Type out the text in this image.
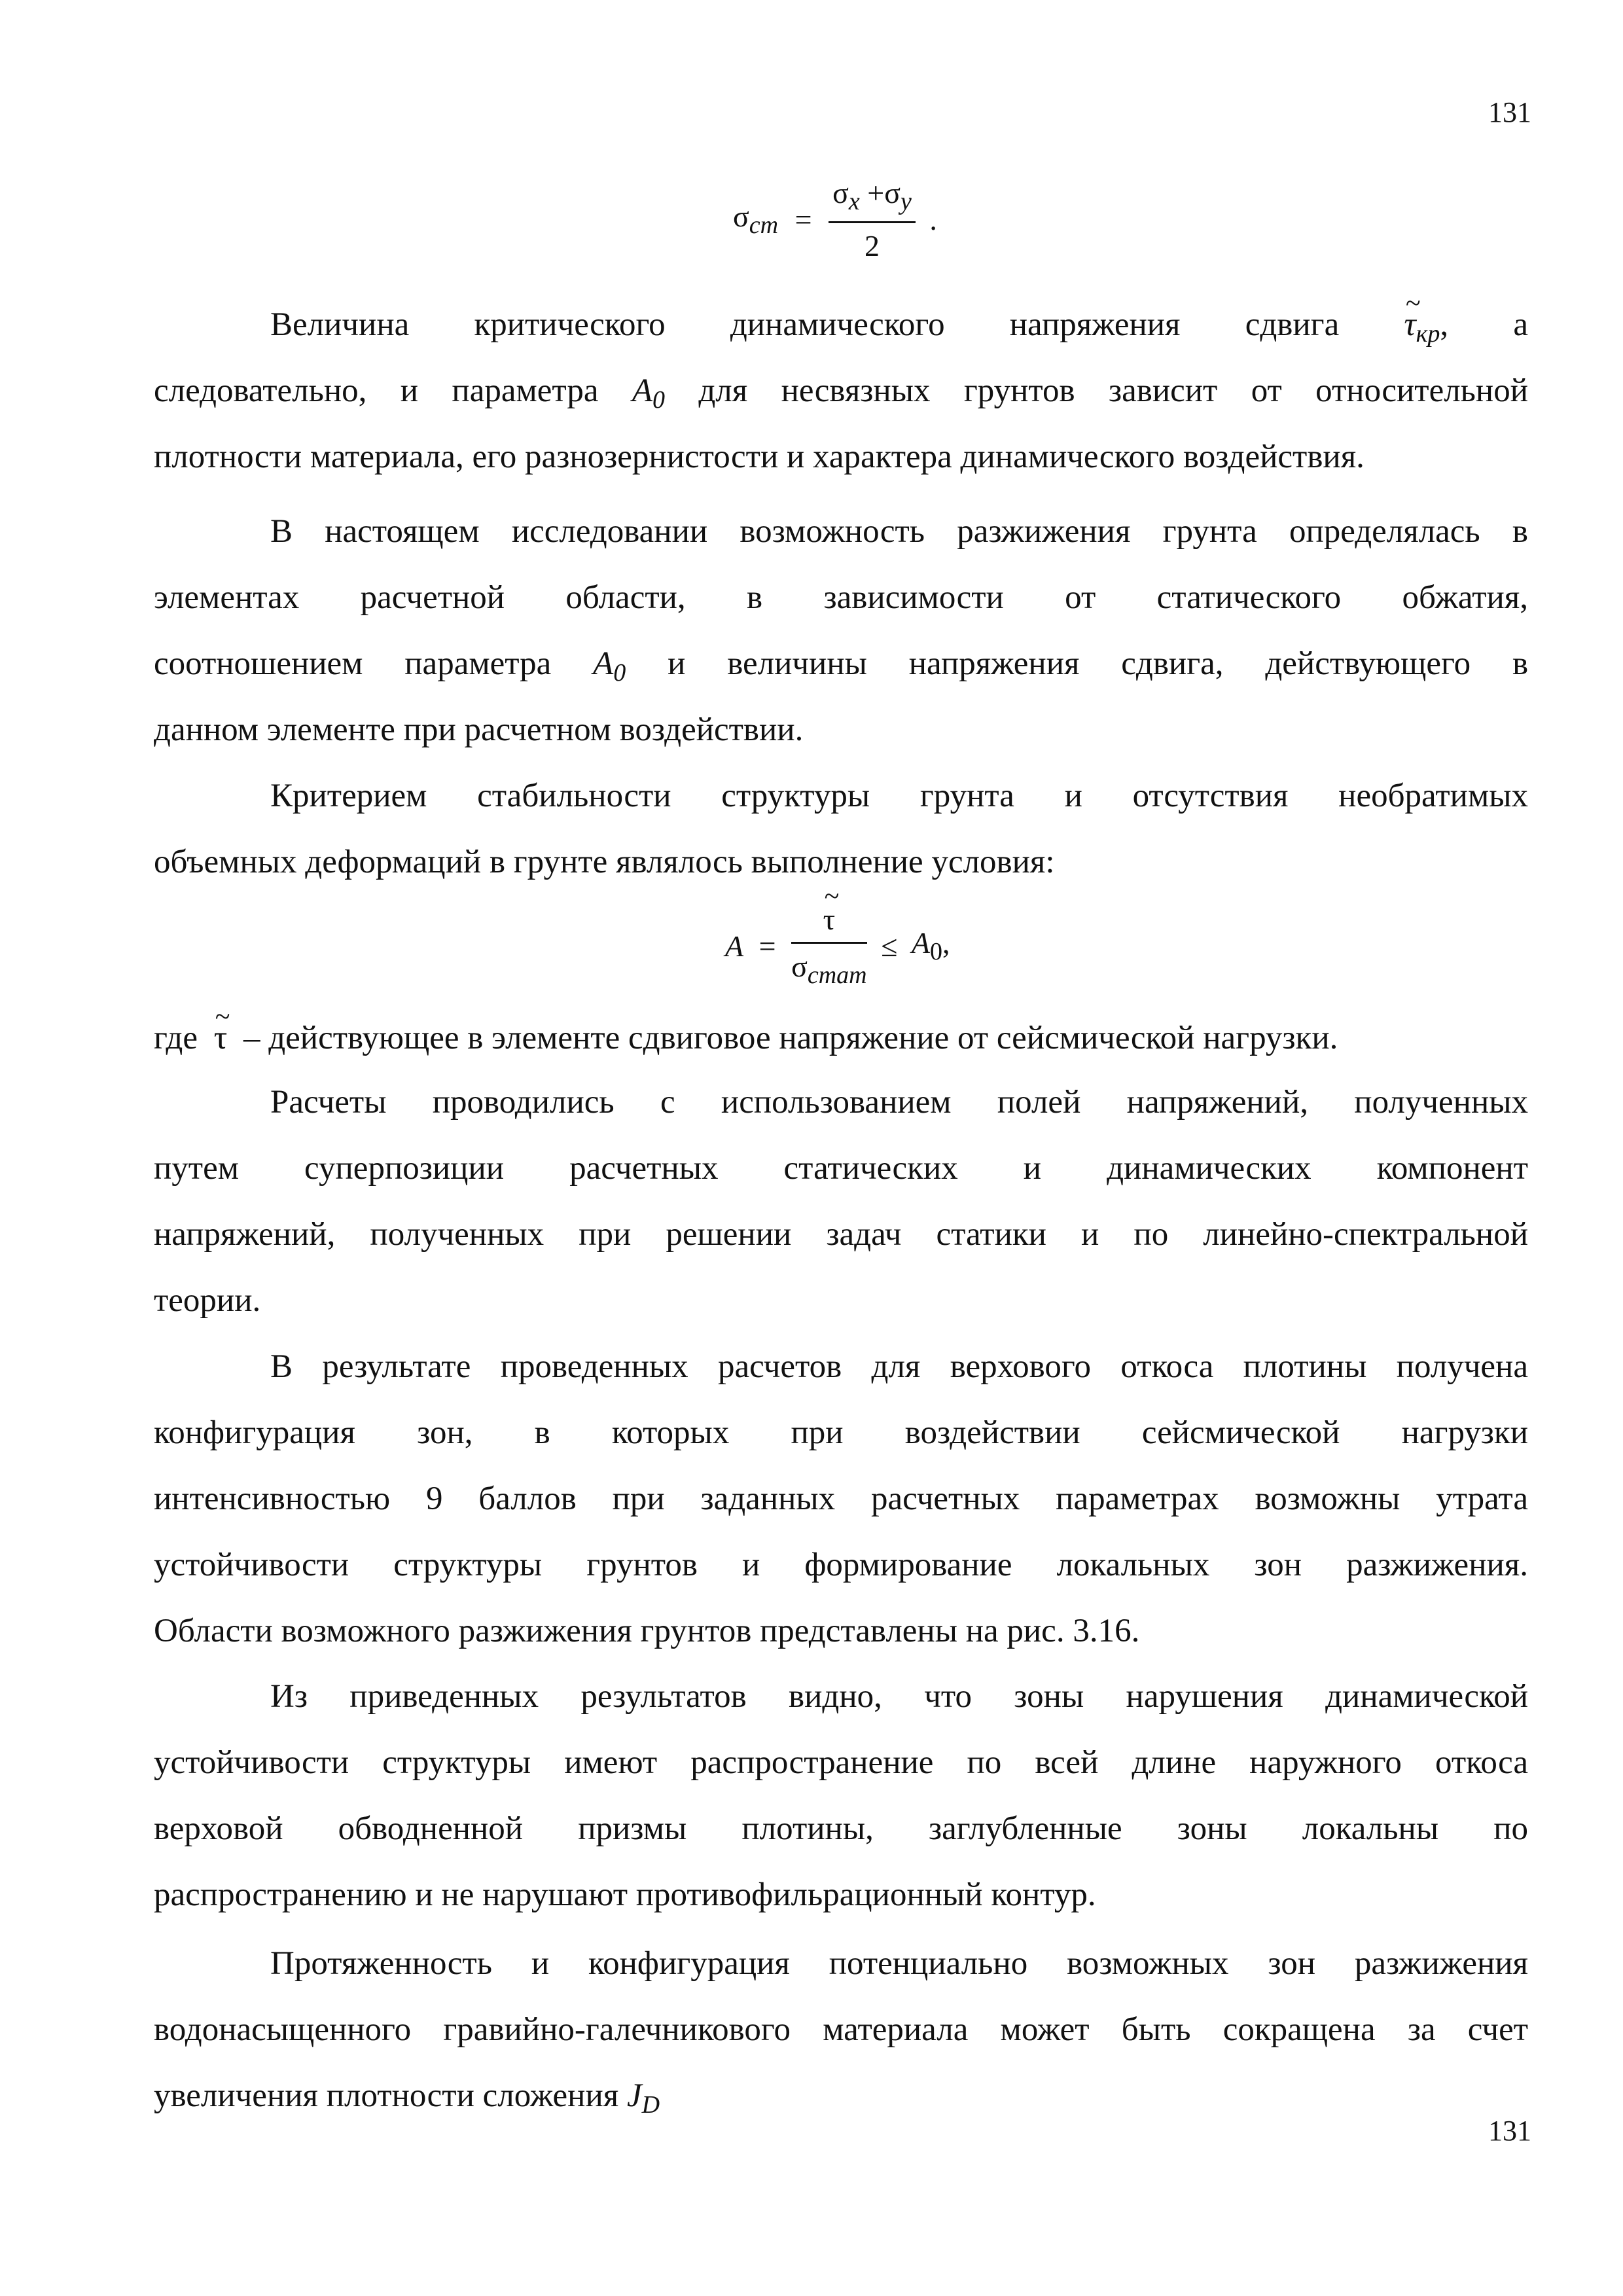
131
$\sigma_{cm} = \frac{\sigma_x +\sigma_y}{2}$ .
Величина критического динамического напряжения сдвига ~ $\tau_{кр}$, а
следовательно, и параметра $A_0$ для несвязных грунтов зависит от относительной
плотности материала, его разнозернистости и характера динамического воздействия.
В настоящем исследовании возможность разжижения грунта определялась в
элементах расчетной области, в зависимости от статического обжатия,
соотношением параметра $A_0$ и величины напряжения сдвига, действующего в
данном элементе при расчетном воздействии.
Критерием стабильности структуры грунта и отсутствия необратимых
объемных деформаций в грунте являлось выполнение условия:
A = ~ $\frac{\tau}{\sigma_{cmam}} \le A_0$,
где ~ τ – действующее в элементе сдвиговое напряжение от сейсмической нагрузки.
Расчеты проводились с использованием полей напряжений, полученных
путем суперпозиции расчетных статических и динамических компонент
напряжений, полученных при решении задач статики и по линейно-спектральной
теории.
В результате проведенных расчетов для верхового откоса плотины получена
конфигурация зон, в которых при воздействии сейсмической нагрузки
интенсивностью 9 баллов при заданных расчетных параметрах возможны утрата
устойчивости структуры грунтов и формирование локальных зон разжижения.
Области возможного разжижения грунтов представлены на рис. 3.16.
Из приведенных результатов видно, что зоны нарушения динамической
устойчивости структуры имеют распространение по всей длине наружного откоса
верховой обводненной призмы плотины, заглубленные зоны локальны по
распространению и не нарушают противофильрационный контур.
Протяженность и конфигурация потенциально возможных зон разжижения
водонасыщенного гравийно-галечникового материала может быть сокращена за счет
увеличения плотности сложения $J_D$
131
